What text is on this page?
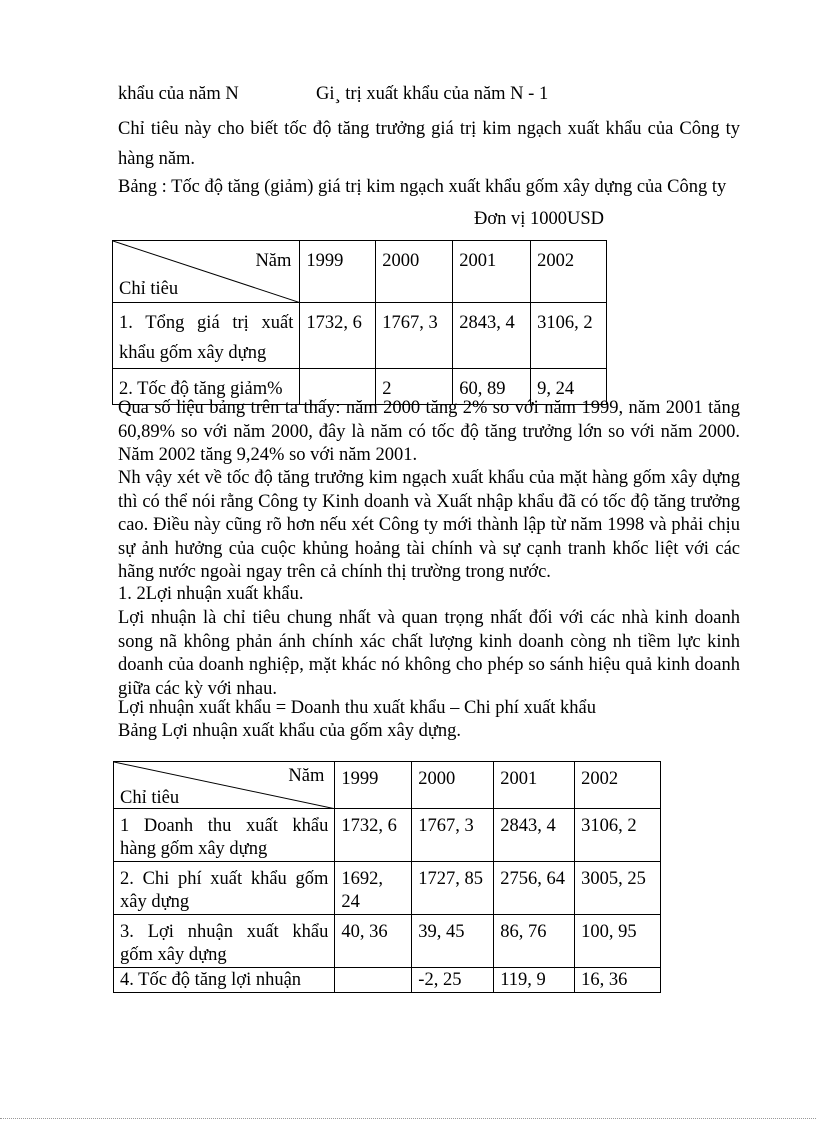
khẩu của năm N	Gi¸ trị xuất khẩu của năm N - 1

Chỉ tiêu này cho biết tốc độ tăng trưởng giá trị kim ngạch xuất khẩu của Công ty hàng năm.

Bảng : Tốc độ tăng (giảm) giá trị kim ngạch xuất khẩu gốm xây dựng của Công ty

Đơn vị 1000USD

Năm
Chỉ tiêu	1999	2000	2001	2002
1. Tổng giá trị xuất khẩu gốm xây dựng	1732, 6	1767, 3	2843, 4	3106, 2
2. Tốc độ tăng giảm%		2	60, 89	9, 24

Qua số liệu bảng trên ta thấy: năm 2000 tăng 2% so với năm 1999, năm 2001 tăng 60,89% so với năm 2000, đây là năm có tốc độ tăng trưởng lớn so với năm 2000. Năm 2002 tăng 9,24% so với năm 2001.

Nh vậy xét về tốc độ tăng trưởng kim ngạch xuất khẩu của mặt hàng gốm xây dựng thì có thể nói rằng Công ty Kinh doanh và Xuất nhập khẩu đã có tốc độ tăng trưởng cao. Điều này cũng rõ hơn nếu xét Công ty mới thành lập từ năm 1998 và phải chịu sự ảnh hưởng của cuộc khủng hoảng tài chính và sự cạnh tranh khốc liệt với các hãng nước ngoài ngay trên cả chính thị trường trong nước.

1. 2Lợi nhuận xuất khẩu.

Lợi nhuận là chỉ tiêu chung nhất và quan trọng nhất đối với các nhà kinh doanh song nã không phản ánh chính xác chất lượng kinh doanh còng nh tiềm lực kinh doanh của doanh nghiệp, mặt khác nó không cho phép so sánh hiệu quả kinh doanh giữa các kỳ với nhau.

Lợi nhuận xuất khẩu = Doanh thu xuất khẩu – Chi phí xuất khẩu

Bảng Lợi nhuận xuất khẩu của gốm xây dựng.

Năm
Chỉ tiêu	1999	2000	2001	2002
1 Doanh thu xuất khẩu hàng gốm xây dựng	1732, 6	1767, 3	2843, 4	3106, 2
2. Chi phí xuất khẩu gốm xây dựng	1692, 24	1727, 85	2756, 64	3005, 25
3. Lợi nhuận xuất khẩu gốm xây dựng	40, 36	39, 45	86, 76	100, 95
4. Tốc độ tăng lợi nhuận		-2, 25	119, 9	16, 36
